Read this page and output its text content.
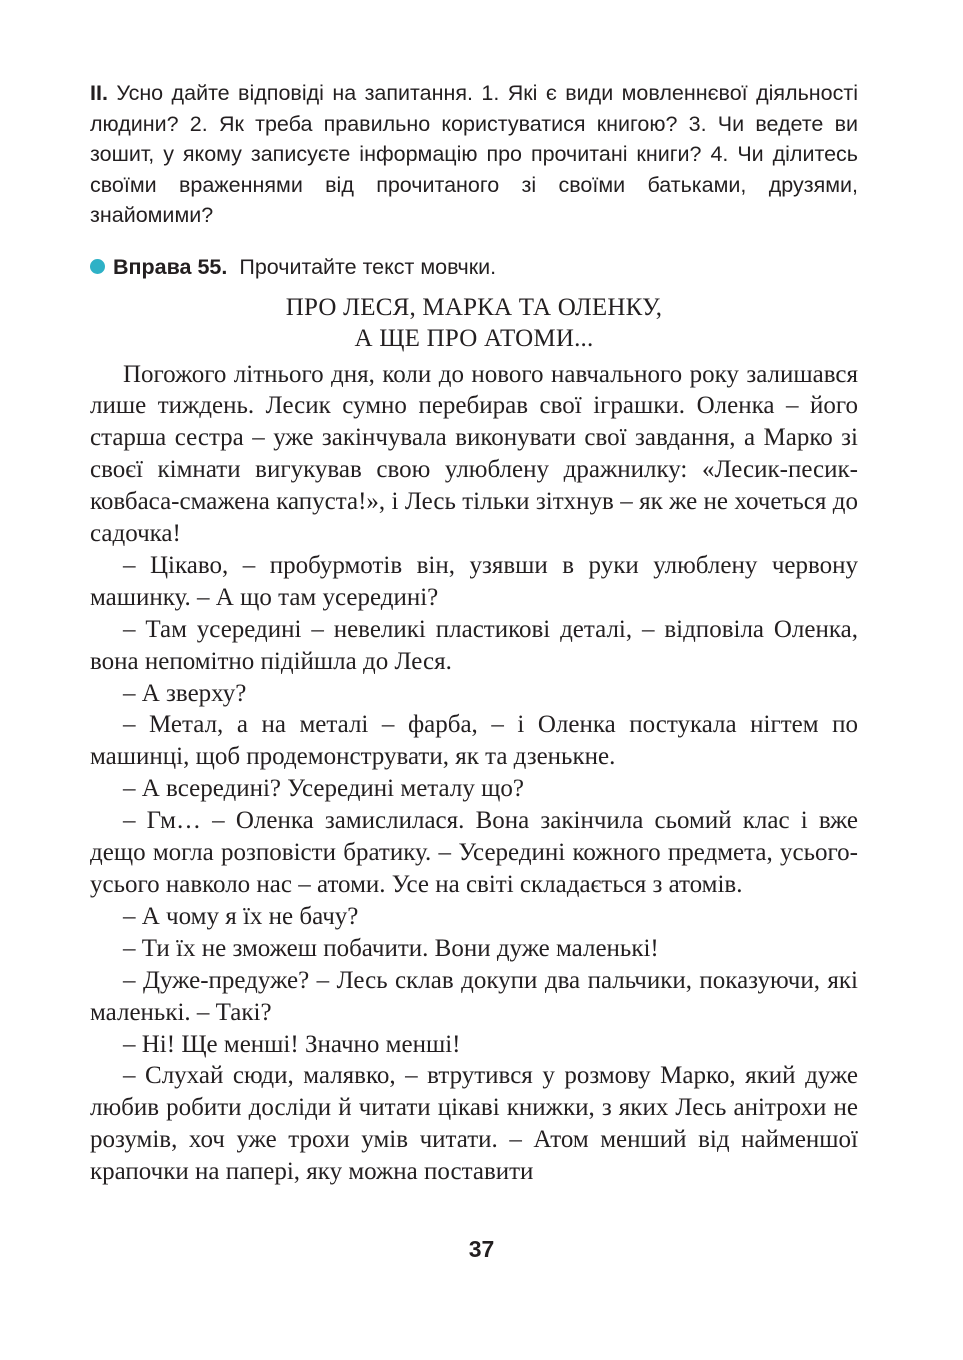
II. Усно дайте відповіді на запитання. 1. Які є види мовленнєвої діяльності людини? 2. Як треба правильно користуватися книгою? 3. Чи ведете ви зошит, у якому записуєте інформацію про прочитані книги? 4. Чи ділитесь своїми враженнями від прочитаного зі своїми батьками, друзями, знайомими?

Вправа 55. Прочитайте текст мовчки.
ПРО ЛЕСЯ, МАРКА ТА ОЛЕНКУ,
А ЩЕ ПРО АТОМИ...

Погожого літнього дня, коли до нового навчального року залишався лише тиждень. Лесик сумно перебирав свої іграшки. Оленка – його старша сестра – уже закінчувала виконувати свої завдання, а Марко зі своєї кімнати вигукував свою улюблену дражнилку: «Лесик-песик-ковбаса-смажена капуста!», і Лесь тільки зітхнув – як же не хочеться до садочка!

– Цікаво, – пробурмотів він, узявши в руки улюблену червону машинку. – А що там усередині?

– Там усередині – невеликі пластикові деталі, – відповіла Оленка, вона непомітно підійшла до Леся.

– А зверху?

– Метал, а на металі – фарба, – і Оленка постукала нігтем по машинці, щоб продемонструвати, як та дзенькне.

– А всередині? Усередині металу що?

– Гм… – Оленка замислилася. Вона закінчила сьомий клас і вже дещо могла розповісти братику. – Усередині кожного предмета, усього-усього навколо нас – атоми. Усе на світі складається з атомів.

– А чому я їх не бачу?

– Ти їх не зможеш побачити. Вони дуже маленькі!

– Дуже-предуже? – Лесь склав докупи два пальчики, показуючи, які маленькі. – Такі?

– Ні! Ще менші! Значно менші!

– Слухай сюди, малявко, – втрутився у розмову Марко, який дуже любив робити досліди й читати цікаві книжки, з яких Лесь анітрохи не розумів, хоч уже трохи умів читати. – Атом менший від найменшої крапочки на папері, яку можна поставити

37
